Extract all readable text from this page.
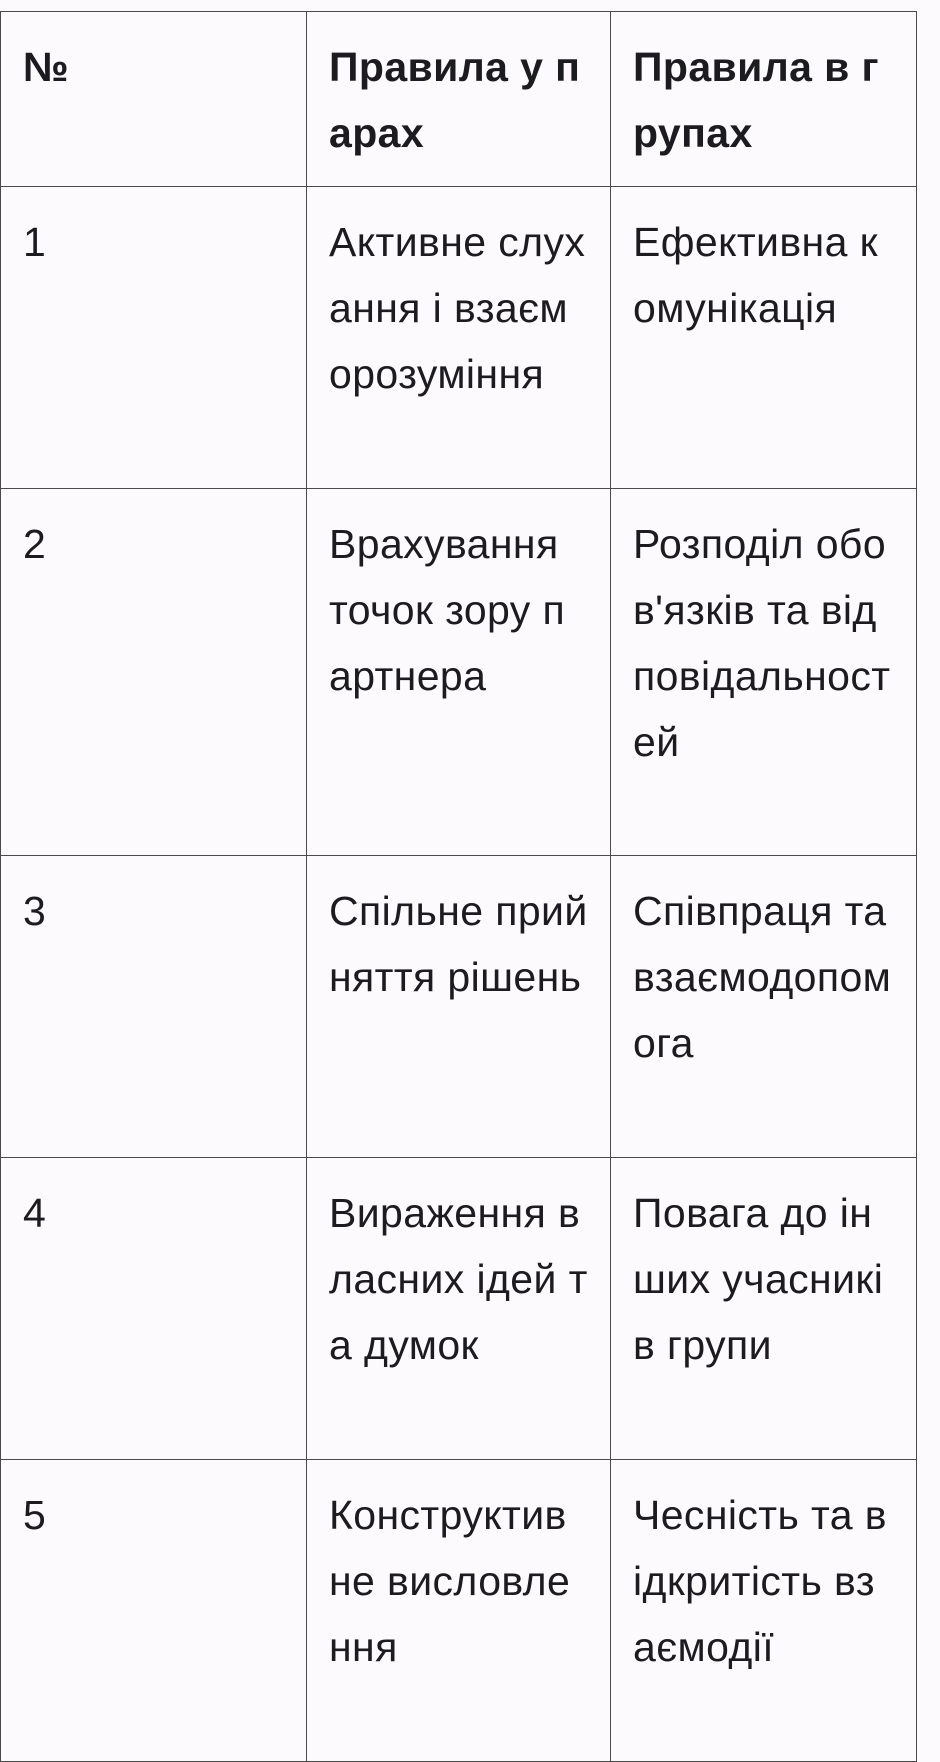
№	Правила у парах	Правила в групах
1	Активне слухання і взаєморозуміння	Ефективна комунікація
2	Врахування точок зору партнера	Розподіл обов'язків та відповідальностей
3	Спільне прийняття рішень	Співпраця та взаємодопомога
4	Вираження власних ідей та думок	Повага до інших учасників групи
5	Конструктивне висловлення	Чесність та відкритість взаємодії
